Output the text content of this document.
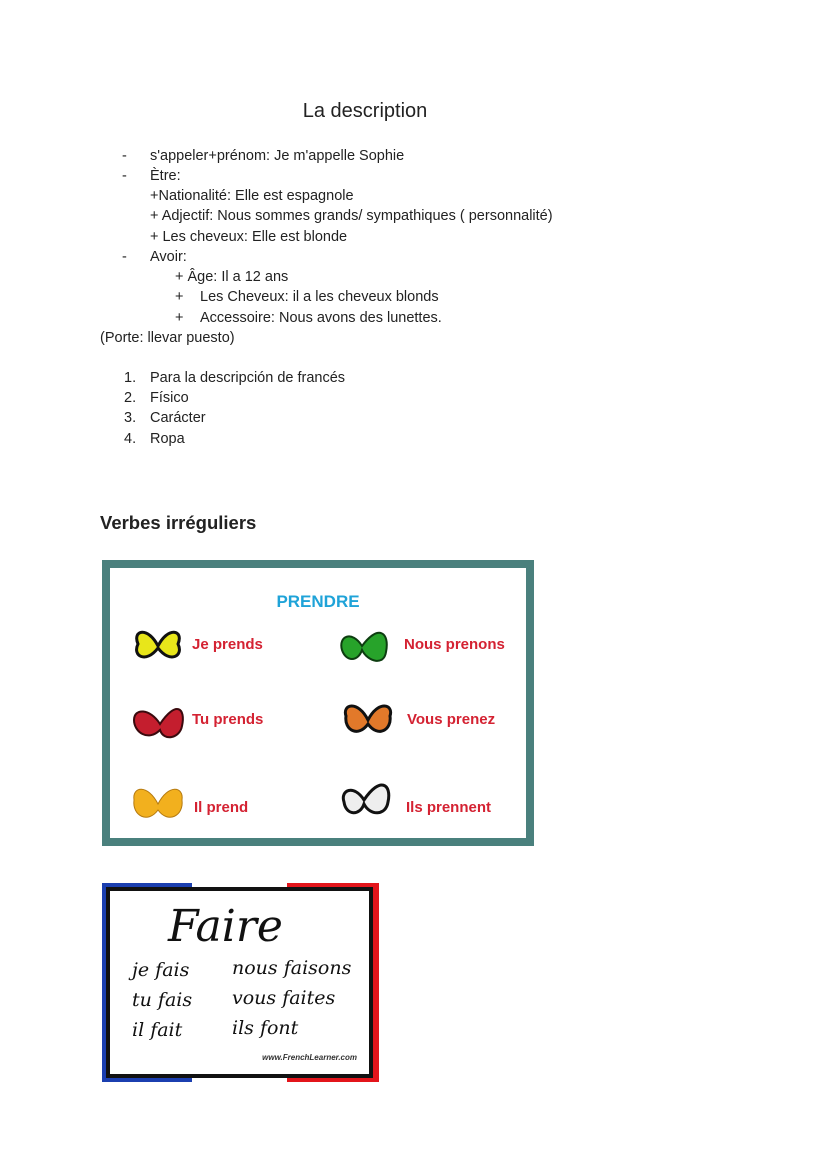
La description
- s'appeler+prénom: Je m'appelle Sophie
- Ètre:
+Nationalité: Elle est espagnole
+ Adjectif: Nous sommes grands/ sympathiques ( personnalité)
+ Les cheveux: Elle est blonde
- Avoir:
+ Âge: Il a 12 ans
+ Les Cheveux: il a les cheveux blonds
+ Accessoire: Nous avons des lunettes.
(Porte: llevar puesto)
1. Para la descripción de francés
2. Físico
3. Carácter
4. Ropa
Verbes irréguliers
PRENDRE
Je prends	Nous prenons
Tu prends	Vous prenez
Il prend	Ils prennent
Faire
je fais nous faisons
tu fais vous faites
il fait	ils font
www.FrenchLearner.com
